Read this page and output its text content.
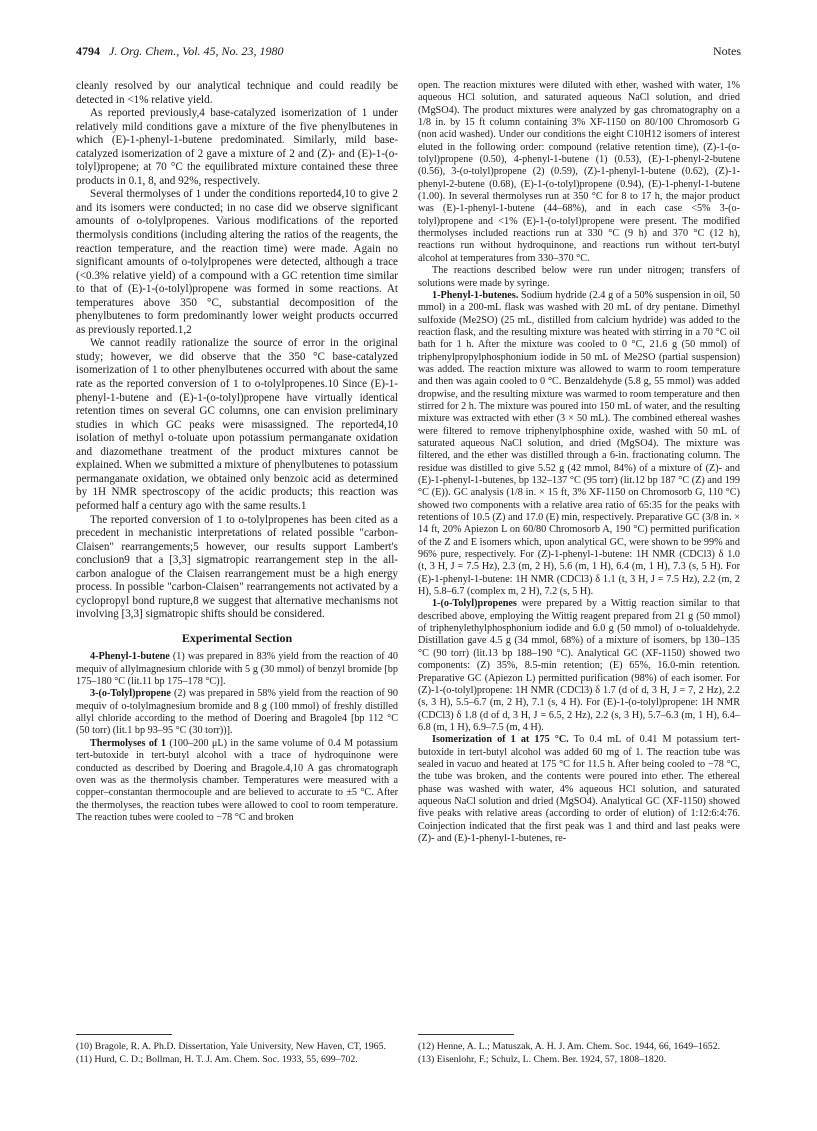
4794 J. Org. Chem., Vol. 45, No. 23, 1980	Notes

cleanly resolved by our analytical technique and could readily be detected in <1% relative yield.

As reported previously,4 base-catalyzed isomerization of 1 under relatively mild conditions gave a mixture of the five phenylbutenes in which (E)-1-phenyl-1-butene predominated. Similarly, mild base-catalyzed isomerization of 2 gave a mixture of 2 and (Z)- and (E)-1-(o-tolyl)propene; at 70 °C the equilibrated mixture contained these three products in 0.1, 8, and 92%, respectively.

Several thermolyses of 1 under the conditions reported4,10 to give 2 and its isomers were conducted; in no case did we observe significant amounts of o-tolylpropenes. Various modifications of the reported thermolysis conditions (including altering the ratios of the reagents, the reaction temperature, and the reaction time) were made. Again no significant amounts of o-tolylpropenes were detected, although a trace (<0.3% relative yield) of a compound with a GC retention time similar to that of (E)-1-(o-tolyl)propene was formed in some reactions. At temperatures above 350 °C, substantial decomposition of the phenylbutenes to form predominantly lower weight products occurred as previously reported.1,2

We cannot readily rationalize the source of error in the original study; however, we did observe that the 350 °C base-catalyzed isomerization of 1 to other phenylbutenes occurred with about the same rate as the reported conversion of 1 to o-tolylpropenes.10 Since (E)-1-phenyl-1-butene and (E)-1-(o-tolyl)propene have virtually identical retention times on several GC columns, one can envision preliminary studies in which GC peaks were misassigned. The reported4,10 isolation of methyl o-toluate upon potassium permanganate oxidation and diazomethane treatment of the product mixtures cannot be explained. When we submitted a mixture of phenylbutenes to potassium permanganate oxidation, we obtained only benzoic acid as determined by 1H NMR spectroscopy of the acidic products; this reaction was peformed half a century ago with the same results.1

The reported conversion of 1 to o-tolylpropenes has been cited as a precedent in mechanistic interpretations of related possible "carbon-Claisen" rearrangements;5 however, our results support Lambert's conclusion9 that a [3,3] sigmatropic rearrangement step in the all-carbon analogue of the Claisen rearrangement must be a high energy process. In possible "carbon-Claisen" rearrangements not activated by a cyclopropyl bond rupture,8 we suggest that alternative mechanisms not involving [3,3] sigmatropic shifts should be considered.

Experimental Section

4-Phenyl-1-butene (1) was prepared in 83% yield from the reaction of 40 mequiv of allylmagnesium chloride with 5 g (30 mmol) of benzyl bromide [bp 175–180 °C (lit.11 bp 175–178 °C)].

3-(o-Tolyl)propene (2) was prepared in 58% yield from the reaction of 90 mequiv of o-tolylmagnesium bromide and 8 g (100 mmol) of freshly distilled allyl chloride according to the method of Doering and Bragole4 [bp 112 °C (50 torr) (lit.1 bp 93–95 °C (30 torr))].

Thermolyses of 1 (100–200 μL) in the same volume of 0.4 M potassium tert-butoxide in tert-butyl alcohol with a trace of hydroquinone were conducted as described by Doering and Bragole.4,10 A gas chromatograph oven was as the thermolysis chamber. Temperatures were measured with a copper–constantan thermocouple and are believed to accurate to ±5 °C. After the thermolyses, the reaction tubes were allowed to cool to room temperature. The reaction tubes were cooled to −78 °C and broken

open. The reaction mixtures were diluted with ether, washed with water, 1% aqueous HCl solution, and saturated aqueous NaCl solution, and dried (MgSO4). The product mixtures were analyzed by gas chromatography on a 1/8 in. by 15 ft column containing 3% XF-1150 on 80/100 Chromosorb G (non acid washed). Under our conditions the eight C10H12 isomers of interest eluted in the following order: compound (relative retention time), (Z)-1-(o-tolyl)propene (0.50), 4-phenyl-1-butene (1) (0.53), (E)-1-phenyl-2-butene (0.56), 3-(o-tolyl)propene (2) (0.59), (Z)-1-phenyl-1-butene (0.62), (Z)-1-phenyl-2-butene (0.68), (E)-1-(o-tolyl)propene (0.94), (E)-1-phenyl-1-butene (1.00). In several thermolyses run at 350 °C for 8 to 17 h, the major product was (E)-1-phenyl-1-butene (44–68%), and in each case <5% 3-(o-tolyl)propene and <1% (E)-1-(o-tolyl)propene were present. The modified thermolyses included reactions run at 330 °C (9 h) and 370 °C (12 h), reactions run without hydroquinone, and reactions run without tert-butyl alcohol at temperatures from 330–370 °C.

The reactions described below were run under nitrogen; transfers of solutions were made by syringe.

1-Phenyl-1-butenes. Sodium hydride (2.4 g of a 50% suspension in oil, 50 mmol) in a 200-mL flask was washed with 20 mL of dry pentane. Dimethyl sulfoxide (Me2SO) (25 mL, distilled from calcium hydride) was added to the reaction flask, and the resulting mixture was heated with stirring in a 70 °C oil bath for 1 h. After the mixture was cooled to 0 °C, 21.6 g (50 mmol) of triphenylpropylphosphonium iodide in 50 mL of Me2SO (partial suspension) was added. The reaction mixture was allowed to warm to room temperature and then was again cooled to 0 °C. Benzaldehyde (5.8 g, 55 mmol) was added dropwise, and the resulting mixture was warmed to room temperature and then stirred for 2 h. The mixture was poured into 150 mL of water, and the resulting mixture was extracted with ether (3 × 50 mL). The combined ethereal washes were filtered to remove triphenylphosphine oxide, washed with 50 mL of saturated aqueous NaCl solution, and dried (MgSO4). The mixture was filtered, and the ether was distilled through a 6-in. fractionating column. The residue was distilled to give 5.52 g (42 mmol, 84%) of a mixture of (Z)- and (E)-1-phenyl-1-butenes, bp 132–137 °C (95 torr) (lit.12 bp 187 °C (Z) and 199 °C (E)). GC analysis (1/8 in. × 15 ft, 3% XF-1150 on Chromosorb G, 110 °C) showed two components with a relative area ratio of 65:35 for the peaks with retentions of 10.5 (Z) and 17.0 (E) min, respectively. Preparative GC (3/8 in. × 14 ft, 20% Apiezon L on 60/80 Chromosorb A, 190 °C) permitted purification of the Z and E isomers which, upon analytical GC, were shown to be 99% and 96% pure, respectively. For (Z)-1-phenyl-1-butene: 1H NMR (CDCl3) δ 1.0 (t, 3 H, J = 7.5 Hz), 2.3 (m, 2 H), 5.6 (m, 1 H), 6.4 (m, 1 H), 7.3 (s, 5 H). For (E)-1-phenyl-1-butene: 1H NMR (CDCl3) δ 1.1 (t, 3 H, J = 7.5 Hz), 2.2 (m, 2 H), 5.8–6.7 (complex m, 2 H), 7.2 (s, 5 H).

1-(o-Tolyl)propenes were prepared by a Wittig reaction similar to that described above, employing the Wittig reagent prepared from 21 g (50 mmol) of triphenylethylphosphonium iodide and 6.0 g (50 mmol) of o-tolualdehyde. Distillation gave 4.5 g (34 mmol, 68%) of a mixture of isomers, bp 130–135 °C (90 torr) (lit.13 bp 188–190 °C). Analytical GC (XF-1150) showed two components: (Z) 35%, 8.5-min retention; (E) 65%, 16.0-min retention. Preparative GC (Apiezon L) permitted purification (98%) of each isomer. For (Z)-1-(o-tolyl)propene: 1H NMR (CDCl3) δ 1.7 (d of d, 3 H, J = 7, 2 Hz), 2.2 (s, 3 H), 5.5–6.7 (m, 2 H), 7.1 (s, 4 H). For (E)-1-(o-tolyl)propene: 1H NMR (CDCl3) δ 1.8 (d of d, 3 H, J = 6.5, 2 Hz), 2.2 (s, 3 H), 5.7–6.3 (m, 1 H), 6.4–6.8 (m, 1 H), 6.9–7.5 (m, 4 H).

Isomerization of 1 at 175 °C. To 0.4 mL of 0.41 M potassium tert-butoxide in tert-butyl alcohol was added 60 mg of 1. The reaction tube was sealed in vacuo and heated at 175 °C for 11.5 h. After being cooled to −78 °C, the tube was broken, and the contents were poured into ether. The ethereal phase was washed with water, 4% aqueous HCl solution, and saturated aqueous NaCl solution and dried (MgSO4). Analytical GC (XF-1150) showed five peaks with relative areas (according to order of elution) of 1:12:6:4:76. Coinjection indicated that the first peak was 1 and third and last peaks were (Z)- and (E)-1-phenyl-1-butenes, re-

(10) Bragole, R. A. Ph.D. Dissertation, Yale University, New Haven, CT, 1965.

(11) Hurd, C. D.; Bollman, H. T. J. Am. Chem. Soc. 1933, 55, 699–702.

(12) Henne, A. L.; Matuszak, A. H. J. Am. Chem. Soc. 1944, 66, 1649–1652.

(13) Eisenlohr, F.; Schulz, L. Chem. Ber. 1924, 57, 1808–1820.
